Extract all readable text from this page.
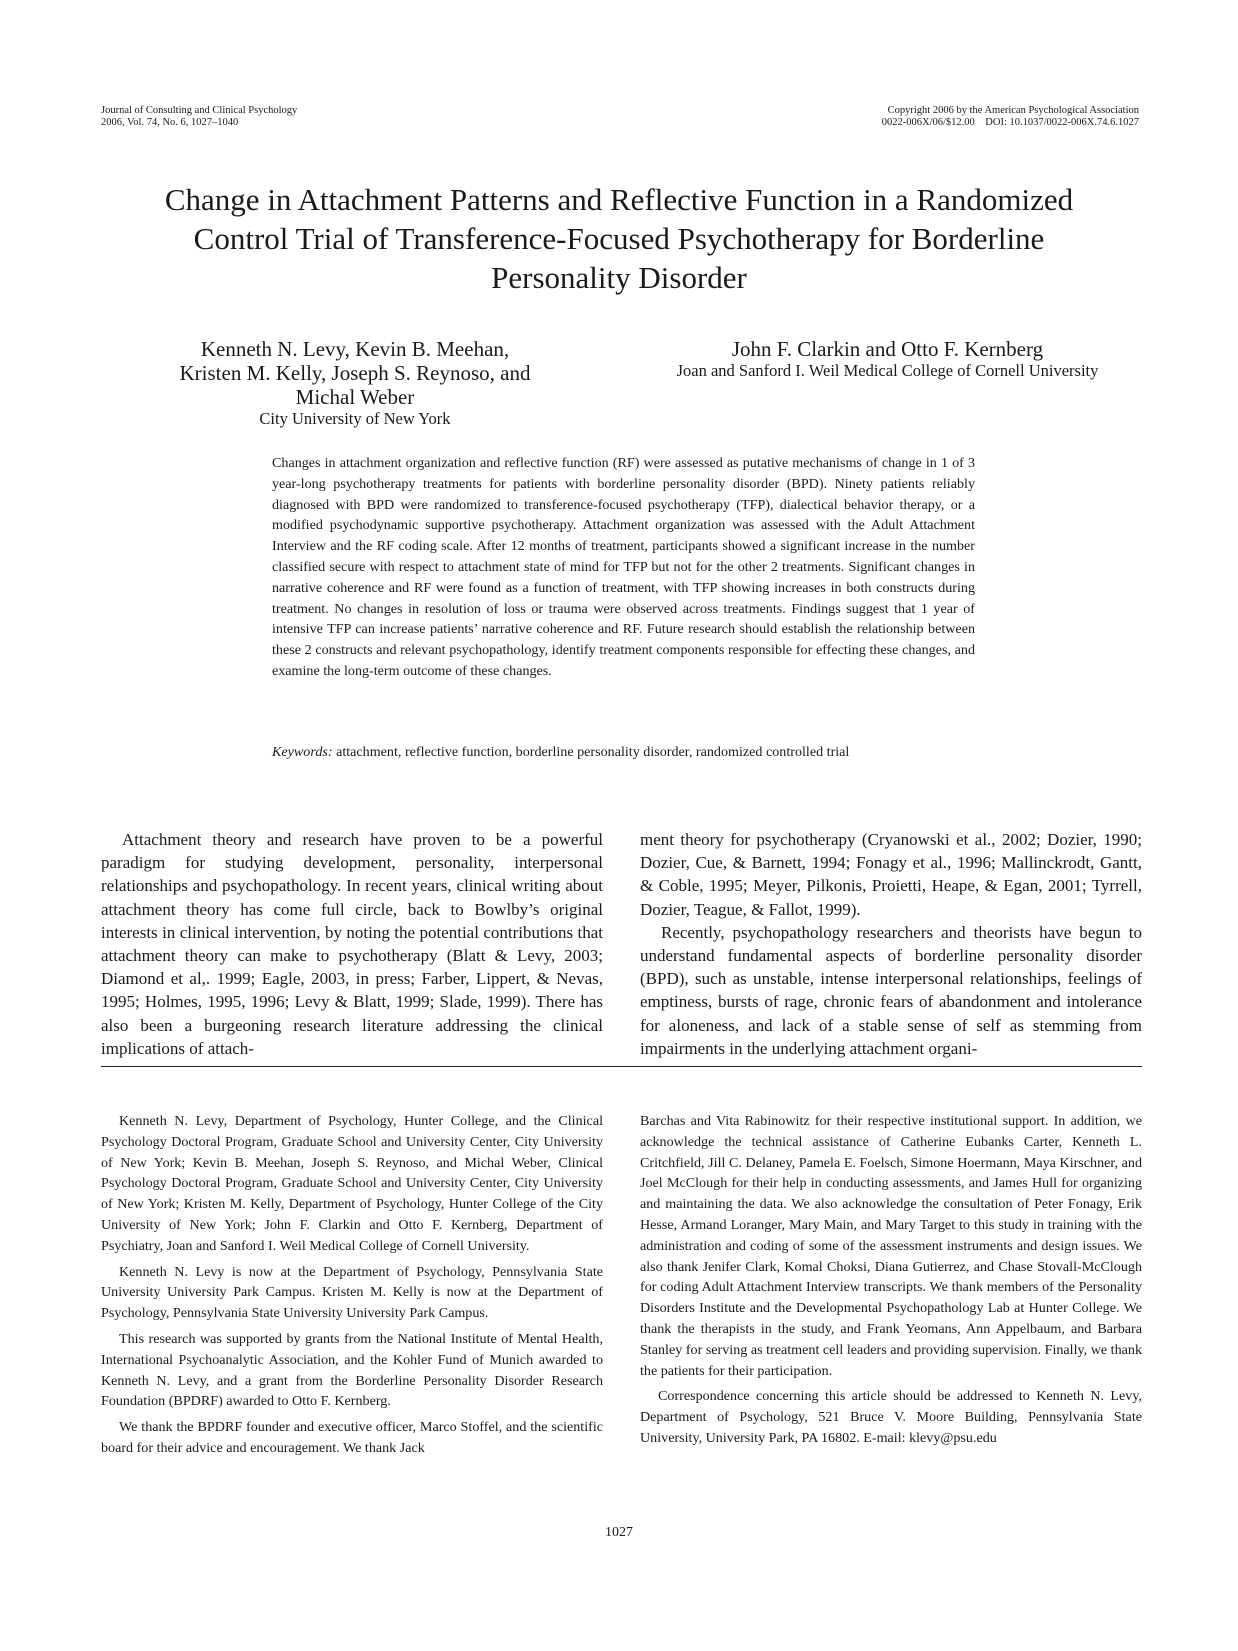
Journal of Consulting and Clinical Psychology
2006, Vol. 74, No. 6, 1027–1040
Copyright 2006 by the American Psychological Association
0022-006X/06/$12.00    DOI: 10.1037/0022-006X.74.6.1027
Change in Attachment Patterns and Reflective Function in a Randomized
Control Trial of Transference-Focused Psychotherapy for Borderline
Personality Disorder
Kenneth N. Levy, Kevin B. Meehan,
Kristen M. Kelly, Joseph S. Reynoso, and
Michal Weber
City University of New York
John F. Clarkin and Otto F. Kernberg
Joan and Sanford I. Weil Medical College of Cornell University

Changes in attachment organization and reflective function (RF) were assessed as putative mechanisms of change in 1 of 3 year-long psychotherapy treatments for patients with borderline personality disorder (BPD). Ninety patients reliably diagnosed with BPD were randomized to transference-focused psychotherapy (TFP), dialectical behavior therapy, or a modified psychodynamic supportive psychotherapy. Attachment organization was assessed with the Adult Attachment Interview and the RF coding scale. After 12 months of treatment, participants showed a significant increase in the number classified secure with respect to attachment state of mind for TFP but not for the other 2 treatments. Significant changes in narrative coherence and RF were found as a function of treatment, with TFP showing increases in both constructs during treatment. No changes in resolution of loss or trauma were observed across treatments. Findings suggest that 1 year of intensive TFP can increase patients’ narrative coherence and RF. Future research should establish the relationship between these 2 constructs and relevant psychopathology, identify treatment components responsible for effecting these changes, and examine the long-term outcome of these changes.

Keywords: attachment, reflective function, borderline personality disorder, randomized controlled trial

Attachment theory and research have proven to be a powerful paradigm for studying development, personality, interpersonal relationships and psychopathology. In recent years, clinical writing about attachment theory has come full circle, back to Bowlby’s original interests in clinical intervention, by noting the potential contributions that attachment theory can make to psychotherapy (Blatt & Levy, 2003; Diamond et al,. 1999; Eagle, 2003, in press; Farber, Lippert, & Nevas, 1995; Holmes, 1995, 1996; Levy & Blatt, 1999; Slade, 1999). There has also been a burgeoning research literature addressing the clinical implications of attach-

ment theory for psychotherapy (Cryanowski et al., 2002; Dozier, 1990; Dozier, Cue, & Barnett, 1994; Fonagy et al., 1996; Mallinckrodt, Gantt, & Coble, 1995; Meyer, Pilkonis, Proietti, Heape, & Egan, 2001; Tyrrell, Dozier, Teague, & Fallot, 1999).

Recently, psychopathology researchers and theorists have begun to understand fundamental aspects of borderline personality disorder (BPD), such as unstable, intense interpersonal relationships, feelings of emptiness, bursts of rage, chronic fears of abandonment and intolerance for aloneness, and lack of a stable sense of self as stemming from impairments in the underlying attachment organi-

Kenneth N. Levy, Department of Psychology, Hunter College, and the Clinical Psychology Doctoral Program, Graduate School and University Center, City University of New York; Kevin B. Meehan, Joseph S. Reynoso, and Michal Weber, Clinical Psychology Doctoral Program, Graduate School and University Center, City University of New York; Kristen M. Kelly, Department of Psychology, Hunter College of the City University of New York; John F. Clarkin and Otto F. Kernberg, Department of Psychiatry, Joan and Sanford I. Weil Medical College of Cornell University.

Kenneth N. Levy is now at the Department of Psychology, Pennsylvania State University University Park Campus. Kristen M. Kelly is now at the Department of Psychology, Pennsylvania State University University Park Campus.

This research was supported by grants from the National Institute of Mental Health, International Psychoanalytic Association, and the Kohler Fund of Munich awarded to Kenneth N. Levy, and a grant from the Borderline Personality Disorder Research Foundation (BPDRF) awarded to Otto F. Kernberg.

We thank the BPDRF founder and executive officer, Marco Stoffel, and the scientific board for their advice and encouragement. We thank Jack

Barchas and Vita Rabinowitz for their respective institutional support. In addition, we acknowledge the technical assistance of Catherine Eubanks Carter, Kenneth L. Critchfield, Jill C. Delaney, Pamela E. Foelsch, Simone Hoermann, Maya Kirschner, and Joel McClough for their help in conducting assessments, and James Hull for organizing and maintaining the data. We also acknowledge the consultation of Peter Fonagy, Erik Hesse, Armand Loranger, Mary Main, and Mary Target to this study in training with the administration and coding of some of the assessment instruments and design issues. We also thank Jenifer Clark, Komal Choksi, Diana Gutierrez, and Chase Stovall-McClough for coding Adult Attachment Interview transcripts. We thank members of the Personality Disorders Institute and the Developmental Psychopathology Lab at Hunter College. We thank the therapists in the study, and Frank Yeomans, Ann Appelbaum, and Barbara Stanley for serving as treatment cell leaders and providing supervision. Finally, we thank the patients for their participation.

Correspondence concerning this article should be addressed to Kenneth N. Levy, Department of Psychology, 521 Bruce V. Moore Building, Pennsylvania State University, University Park, PA 16802. E-mail: klevy@psu.edu

1027
